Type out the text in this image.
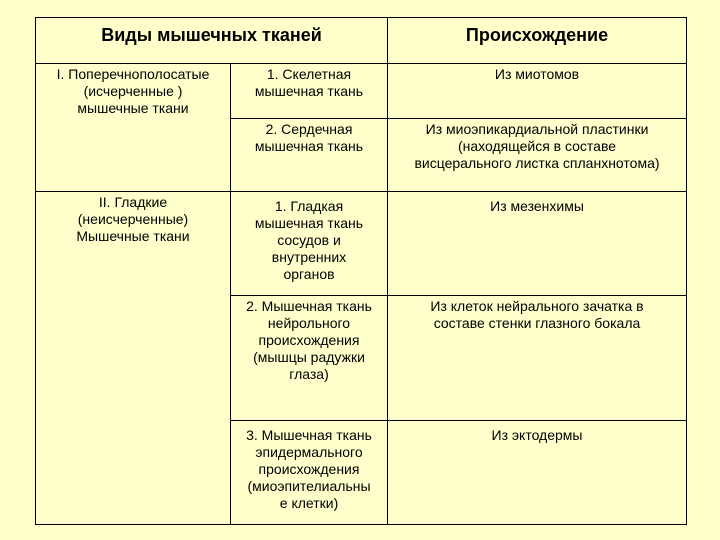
Виды мышечных тканей		Происхождение

I. Поперечнополосатые
(исчерченные )
мышечные ткани	1. Скелетная
мышечная ткань	Из миотомов

	2. Сердечная
мышечная ткань	Из миоэпикардиальной пластинки
(находящейся в составе
висцерального листка спланхнотома)

II. Гладкие
(неисчерченные)
Мышечные ткани	1. Гладкая
мышечная ткань
сосудов и
внутренних
органов	Из мезенхимы

	2. Мышечная ткань
нейрольного
происхождения
(мышцы радужки
глаза)	Из клеток нейрального зачатка в
составе стенки глазного бокала

	3. Мышечная ткань
эпидермального
происхождения
(миоэпителиальны
е клетки)	Из эктодермы
